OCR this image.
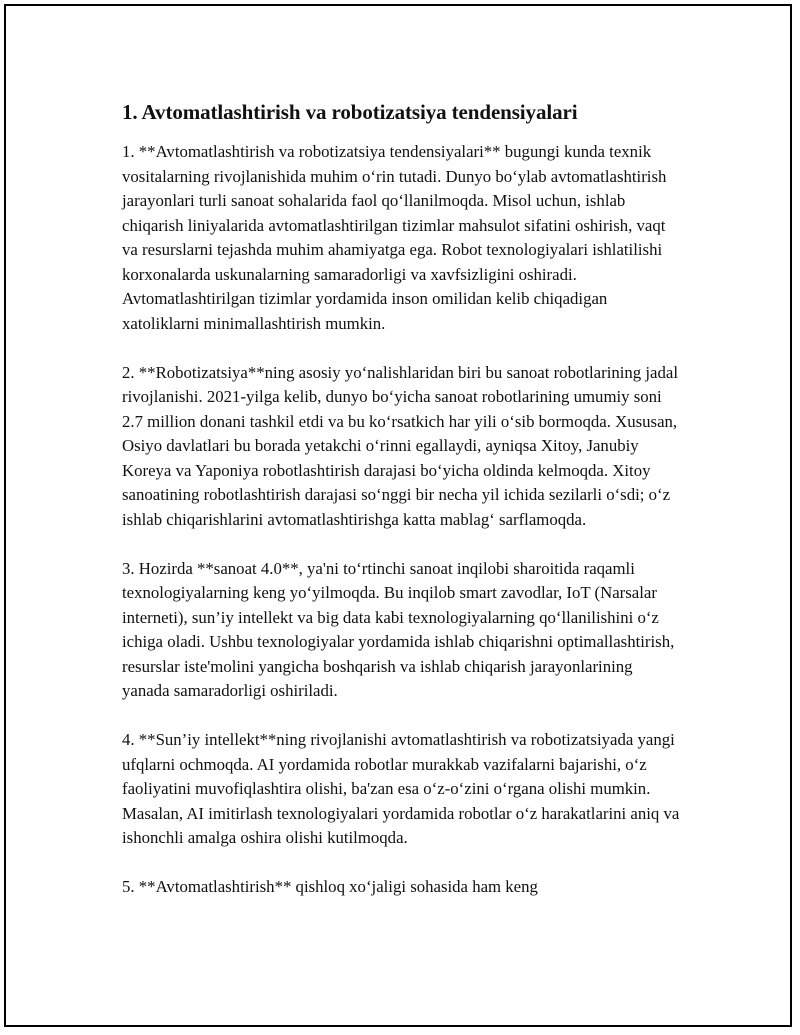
1. Avtomatlashtirish va robotizatsiya tendensiyalari

1. **Avtomatlashtirish va robotizatsiya tendensiyalari** bugungi kunda texnik vositalarning rivojlanishida muhim o‘rin tutadi. Dunyo bo‘ylab avtomatlashtirish jarayonlari turli sanoat sohalarida faol qo‘llanilmoqda. Misol uchun, ishlab chiqarish liniyalarida avtomatlashtirilgan tizimlar mahsulot sifatini oshirish, vaqt va resurslarni tejashda muhim ahamiyatga ega. Robot texnologiyalari ishlatilishi korxonalarda uskunalarning samaradorligi va xavfsizligini oshiradi. Avtomatlashtirilgan tizimlar yordamida inson omilidan kelib chiqadigan xatoliklarni minimallashtirish mumkin.

2. **Robotizatsiya**ning asosiy yo‘nalishlaridan biri bu sanoat robotlarining jadal rivojlanishi. 2021-yilga kelib, dunyo bo‘yicha sanoat robotlarining umumiy soni 2.7 million donani tashkil etdi va bu ko‘rsatkich har yili o‘sib bormoqda. Xususan, Osiyo davlatlari bu borada yetakchi o‘rinni egallaydi, ayniqsa Xitoy, Janubiy Koreya va Yaponiya robotlashtirish darajasi bo‘yicha oldinda kelmoqda. Xitoy sanoatining robotlashtirish darajasi so‘nggi bir necha yil ichida sezilarli o‘sdi; o‘z ishlab chiqarishlarini avtomatlashtirishga katta mablag‘ sarflamoqda.

3. Hozirda **sanoat 4.0**, ya'ni to‘rtinchi sanoat inqilobi sharoitida raqamli texnologiyalarning keng yo‘yilmoqda. Bu inqilob smart zavodlar, IoT (Narsalar interneti), sun’iy intellekt va big data kabi texnologiyalarning qo‘llanilishini o‘z ichiga oladi. Ushbu texnologiyalar yordamida ishlab chiqarishni optimallashtirish, resurslar iste'molini yangicha boshqarish va ishlab chiqarish jarayonlarining yanada samaradorligi oshiriladi.

4. **Sun’iy intellekt**ning rivojlanishi avtomatlashtirish va robotizatsiyada yangi ufqlarni ochmoqda. AI yordamida robotlar murakkab vazifalarni bajarishi, o‘z faoliyatini muvofiqlashtira olishi, ba'zan esa o‘z-o‘zini o‘rgana olishi mumkin. Masalan, AI imitirlash texnologiyalari yordamida robotlar o‘z harakatlarini aniq va ishonchli amalga oshira olishi kutilmoqda.

5. **Avtomatlashtirish** qishloq xo‘jaligi sohasida ham keng
